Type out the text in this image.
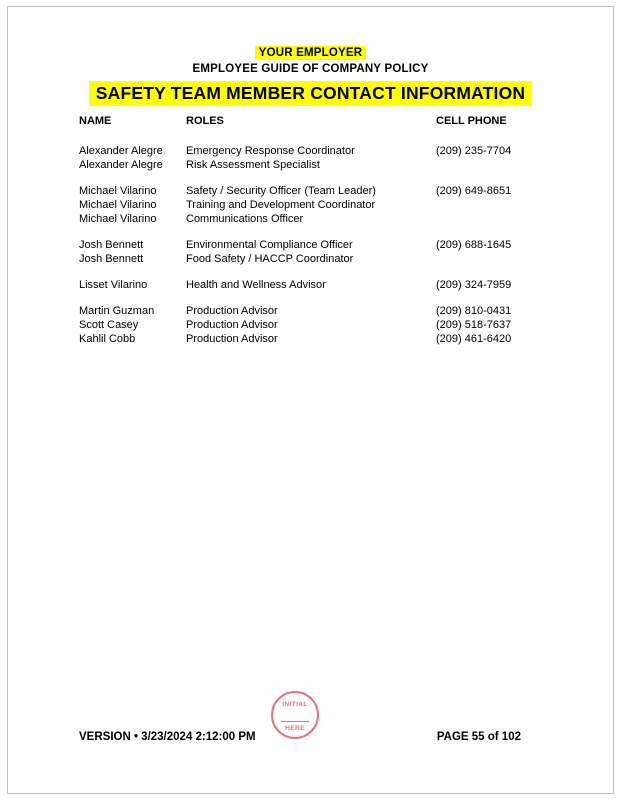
YOUR EMPLOYER
EMPLOYEE GUIDE OF COMPANY POLICY
SAFETY TEAM MEMBER CONTACT INFORMATION
NAME	ROLES	CELL PHONE
Alexander Alegre	Emergency Response Coordinator	(209) 235-7704
Alexander Alegre	Risk Assessment Specialist
Michael Vilarino	Safety / Security Officer (Team Leader)	(209) 649-8651
Michael Vilarino	Training and Development Coordinator
Michael Vilarino	Communications Officer
Josh Bennett	Environmental Compliance Officer	(209) 688-1645
Josh Bennett	Food Safety / HACCP Coordinator
Lisset Vilarino	Health and Wellness Advisor	(209) 324-7959
Martin Guzman	Production Advisor	(209) 810-0431
Scott Casey	Production Advisor	(209) 518-7637
Kahlil Cobb	Production Advisor	(209) 461-6420
INITIAL
HERE
VERSION • 3/23/2024 2:12:00 PM	PAGE 55 of 102
